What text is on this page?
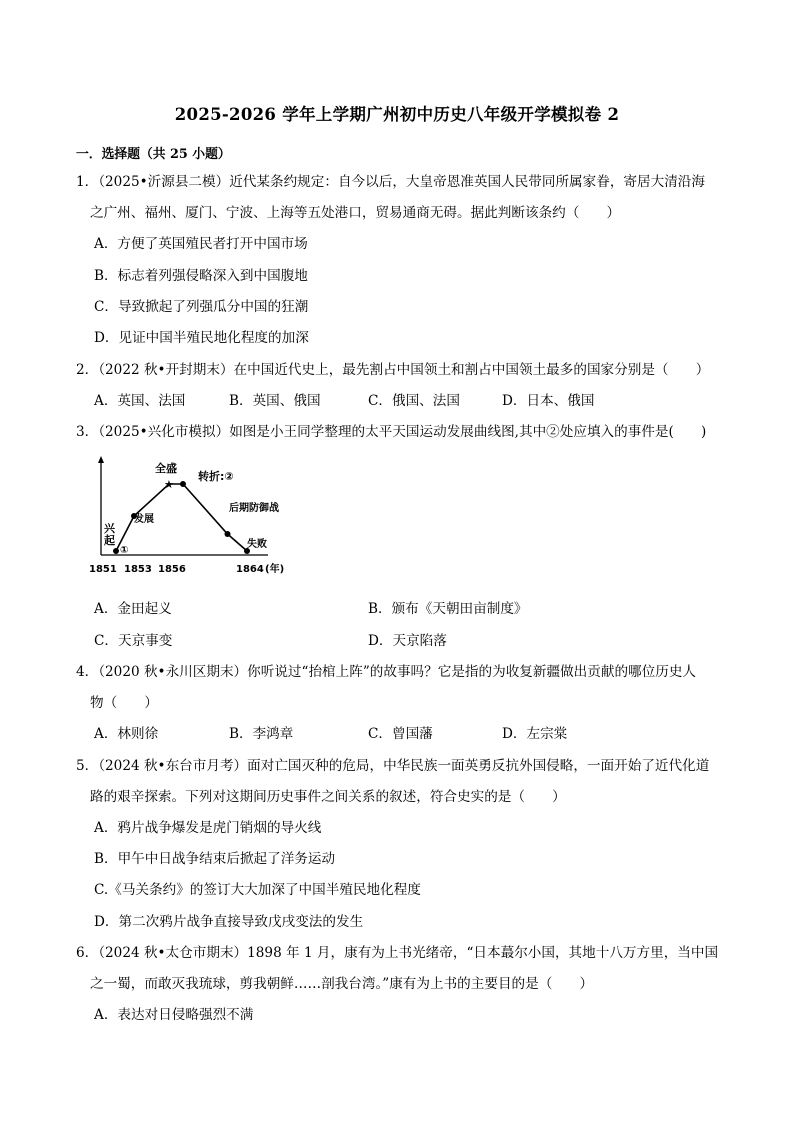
2025-2026 学年上学期广州初中历史八年级开学模拟卷 2
一．选择题（共 25 小题）
1．（2025•沂源县二模）近代某条约规定：自今以后，大皇帝恩准英国人民带同所属家眷，寄居大清沿海
之广州、福州、厦门、宁波、上海等五处港口，贸易通商无碍。据此判断该条约（　　）
A．方便了英国殖民者打开中国市场
B．标志着列强侵略深入到中国腹地
C．导致掀起了列强瓜分中国的狂潮
D．见证中国半殖民地化程度的加深
2．（2022 秋•开封期末）在中国近代史上，最先割占中国领土和割占中国领土最多的国家分别是（　　）
A．英国、法国	B．英国、俄国	C．俄国、法国	D．日本、俄国
3．（2025•兴化市模拟）如图是小王同学整理的太平天国运动发展曲线图,其中②处应填入的事件是(　　)
★
兴
起
①
发展
全盛
转折:②
后期防御战
失败
1851 1853 1856	1864 (年)
A．金田起义	B．颁布《天朝田亩制度》
C．天京事变	D．天京陷落
4．（2020 秋•永川区期末）你听说过“抬棺上阵”的故事吗？它是指的为收复新疆做出贡献的哪位历史人
物（　　）
A．林则徐	B．李鸿章	C．曾国藩	D．左宗棠
5．（2024 秋•东台市月考）面对亡国灭种的危局，中华民族一面英勇反抗外国侵略，一面开始了近代化道
路的艰辛探索。下列对这期间历史事件之间关系的叙述，符合史实的是（　　）
A．鸦片战争爆发是虎门销烟的导火线
B．甲午中日战争结束后掀起了洋务运动
C.《马关条约》的签订大大加深了中国半殖民地化程度
D．第二次鸦片战争直接导致戊戌变法的发生
6．（2024 秋•太仓市期末）1898 年 1 月，康有为上书光绪帝，“日本蕞尔小国，其地十八万方里，当中国
之一蜀，而敢灭我琉球，剪我朝鲜……剖我台湾。”康有为上书的主要目的是（　　）
A．表达对日侵略强烈不满
